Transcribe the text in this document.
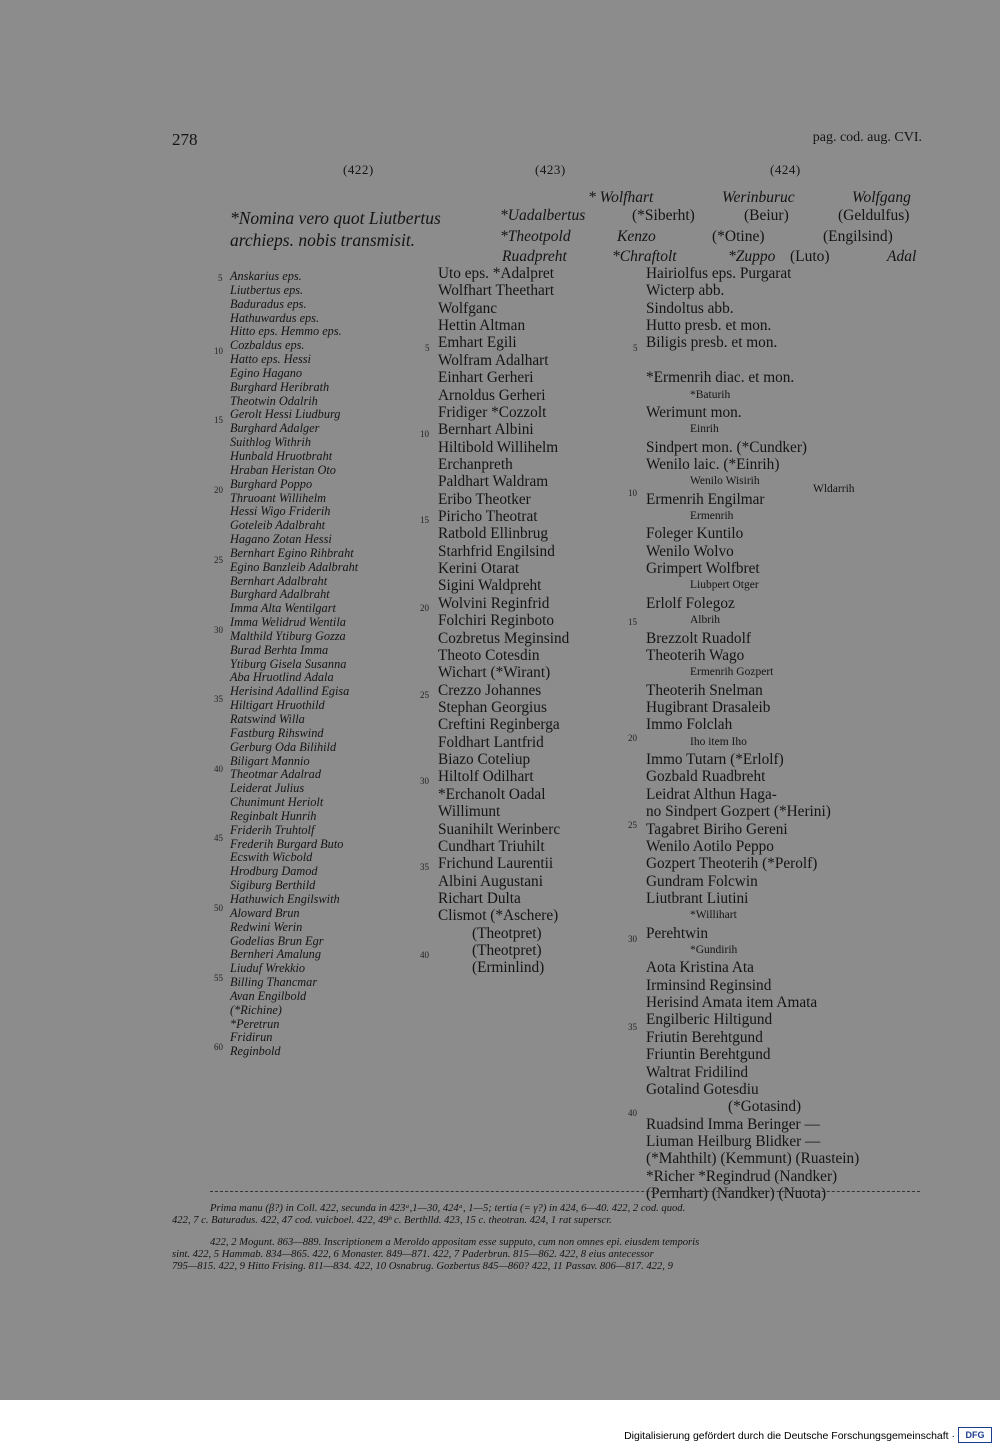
278	pag. cod. aug. CVI.
(422)	(423)	(424)
* Wolfhart	Werinburuc	Wolfgang
*Nomina vero quot Liutbertus	*Uadalbertus	(*Siberht)	(Beiur)	(Geldulfus)
archieps. nobis transmisit.	*Theotpold	Kenzo	(*Otine)	(Engilsind)
Ruadpreht	*Chraftolt	*Zuppo (Luto)	Adal
Anskarius eps.
Liutbertus eps.
Baduradus eps.
Hathuwardus eps.
Hitto eps. Hemmo eps.
Cozbaldus eps.
Hatto eps. Hessi
Egino Hagano
Burghard Heribrath
Theotwin Odalrih
Gerolt Hessi Liudburg
Burghard Adalger
Suithlog Withrih
Hunbald Hruotbraht
Hraban Heristan Oto
Burghard Poppo
Thruoant Willihelm
Hessi Wigo Friderih
Goteleib Adalbraht
Hagano Zotan Hessi
Bernhart Egino Rihbraht
Egino Banzleib Adalbraht
Bernhart Adalbraht
Burghard Adalbraht
Imma Alta Wentilgart
Imma Welidrud Wentila
Malthild Ytiburg Gozza
Burad Berhta Imma
Ytiburg Gisela Susanna
Aba Hruotlind Adala
Herisind Adallind Egisa
Hiltigart Hruothild
Ratswind Willa
Fastburg Rihswind
Gerburg Oda Bilihild
Biligart Mannio
Theotmar Adalrad
Leiderat Julius
Chunimunt Heriolt
Reginbalt Hunrih
Friderih Truhtolf
Frederih Burgard Buto
Ecswith Wicbold
Hrodburg Damod
Sigiburg Berthild
Hathuwich Engilswith
Aloward Brun
Redwini Werin
Godelias Brun Egr
Bernheri Amalung
Liuduf Wrekkio
Billing Thancmar
Avan Engilbold
(*Richine)
*Peretrun
Fridirun
Reginbold
Uto eps. *Adalpret
Wolfhart Theethart
Wolfganc
Hettin Altman
Emhart Egili
Wolfram Adalhart
Einhart Gerheri
Arnoldus Gerheri
Fridiger *Cozzolt
Bernhart Albini
Hiltibold Willihelm
Erchanpreth
Paldhart Waldram
Eribo Theotker
Piricho Theotrat
Ratbold Ellinbrug
Starhfrid Engilsind
Kerini Otarat
Sigini Waldpreht
Wolvini Reginfrid
Folchiri Reginboto
Cozbretus Meginsind
Theoto Cotesdin
Wichart (*Wirant)
Crezzo Johannes
Stephan Georgius
Creftini Reginberga
Foldhart Lantfrid
Biazo Coteliup
Hiltolf Odilhart
*Erchanolt Oadal
Willimunt
Suanihilt Werinberc
Cundhart Triuhilt
Frichund Laurentii
Albini Augustani
Richart Dulta
Clismot (*Aschere)
(Theotpret)
(Theotpret)
(Erminlind)
Hairiolfus eps. Purgarat
Wicterp abb.
Sindoltus abb.
Hutto presb. et mon.
Biligis presb. et mon.
*Ermenrih diac. et mon.
*Baturih
Werimunt mon.
Einrih
Sindpert mon. (*Cundker)
Wenilo laic. (*Einrih)
Wenilo Wisirih
Ermenrih Engilmar
Ermenrih
Foleger Kuntilo
Wenilo Wolvo
Grimpert Wolfbret
Liubpert Otger
Erlolf Folegoz
Albrih
Brezzolt Ruadolf
Theoterih Wago
Ermenrih Gozpert
Theoterih Snelman
Hugibrant Drasaleib
Immo Folclah
Iho item Iho
Immo Tutarn (*Erlolf)
Gozbald Ruadbreht
Leidrat Althun Haga-
no Sindpert Gozpert (*Herini)
Tagabret Biriho Gereni
Wenilo Aotilo Peppo
Gozpert Theoterih (*Perolf)
Gundram Folcwin
Liutbrant Liutini
*Willihart
Perehtwin
*Gundirih
Aota Kristina Ata
Irminsind Reginsind
Herisind Amata item Amata
Engilberic Hiltigund
Friutin Berehtgund
Friuntin Berehtgund
Waltrat Fridilind
Gotalind Gotesdiu
(*Gotasind)
Ruadsind Imma Beringer —
Liuman Heilburg Blidker —
(*Mahthilt) (Kemmunt) (Ruastein)
*Richer *Regindrud (Nandker)
(Pernhart) (Nandker) (Nuota)
Wldarrih
5
10
15
20
25
30
35
40
45
50
55
60
5
10
15
20
25
30
35
40
5
10
15
20
25
30
35
40
Prima manu (β?) in Coll. 422, secunda in 423ᵃ,1—30, 424ᵃ, 1—5; tertia (= γ?) in 424, 6—40. 422, 2 cod. quod.
422, 7 c. Baturadus. 422, 47 cod. vuicboel. 422, 49ᵇ c. Berthlld. 423, 15 c. theotran. 424, 1 rat superscr.
422, 2 Mogunt. 863—889. Inscriptionem a Meroldo appositam esse supputo, cum non omnes epi. eiusdem temporis
sint. 422, 5 Hammab. 834—865. 422, 6 Monaster. 849—871. 422, 7 Paderbrun. 815—862. 422, 8 eius antecessor
795—815. 422, 9 Hitto Frising. 811—834. 422, 10 Osnabrug. Gozbertus 845—860? 422, 11 Passav. 806—817. 422, 9
Digitalisierung gefördert durch die Deutsche Forschungsgemeinschaft ·	DFG
